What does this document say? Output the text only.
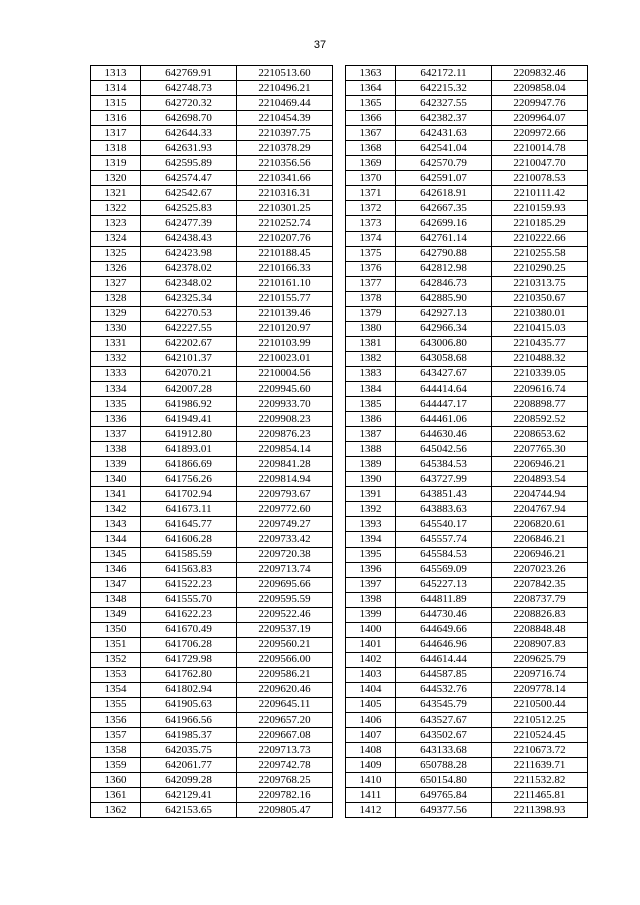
37
1313	642769.91	2210513.60
1314	642748.73	2210496.21
1315	642720.32	2210469.44
1316	642698.70	2210454.39
1317	642644.33	2210397.75
1318	642631.93	2210378.29
1319	642595.89	2210356.56
1320	642574.47	2210341.66
1321	642542.67	2210316.31
1322	642525.83	2210301.25
1323	642477.39	2210252.74
1324	642438.43	2210207.76
1325	642423.98	2210188.45
1326	642378.02	2210166.33
1327	642348.02	2210161.10
1328	642325.34	2210155.77
1329	642270.53	2210139.46
1330	642227.55	2210120.97
1331	642202.67	2210103.99
1332	642101.37	2210023.01
1333	642070.21	2210004.56
1334	642007.28	2209945.60
1335	641986.92	2209933.70
1336	641949.41	2209908.23
1337	641912.80	2209876.23
1338	641893.01	2209854.14
1339	641866.69	2209841.28
1340	641756.26	2209814.94
1341	641702.94	2209793.67
1342	641673.11	2209772.60
1343	641645.77	2209749.27
1344	641606.28	2209733.42
1345	641585.59	2209720.38
1346	641563.83	2209713.74
1347	641522.23	2209695.66
1348	641555.70	2209595.59
1349	641622.23	2209522.46
1350	641670.49	2209537.19
1351	641706.28	2209560.21
1352	641729.98	2209566.00
1353	641762.80	2209586.21
1354	641802.94	2209620.46
1355	641905.63	2209645.11
1356	641966.56	2209657.20
1357	641985.37	2209667.08
1358	642035.75	2209713.73
1359	642061.77	2209742.78
1360	642099.28	2209768.25
1361	642129.41	2209782.16
1362	642153.65	2209805.47
1363	642172.11	2209832.46
1364	642215.32	2209858.04
1365	642327.55	2209947.76
1366	642382.37	2209964.07
1367	642431.63	2209972.66
1368	642541.04	2210014.78
1369	642570.79	2210047.70
1370	642591.07	2210078.53
1371	642618.91	2210111.42
1372	642667.35	2210159.93
1373	642699.16	2210185.29
1374	642761.14	2210222.66
1375	642790.88	2210255.58
1376	642812.98	2210290.25
1377	642846.73	2210313.75
1378	642885.90	2210350.67
1379	642927.13	2210380.01
1380	642966.34	2210415.03
1381	643006.80	2210435.77
1382	643058.68	2210488.32
1383	643427.67	2210339.05
1384	644414.64	2209616.74
1385	644447.17	2208898.77
1386	644461.06	2208592.52
1387	644630.46	2208653.62
1388	645042.56	2207765.30
1389	645384.53	2206946.21
1390	643727.99	2204893.54
1391	643851.43	2204744.94
1392	643883.63	2204767.94
1393	645540.17	2206820.61
1394	645557.74	2206846.21
1395	645584.53	2206946.21
1396	645569.09	2207023.26
1397	645227.13	2207842.35
1398	644811.89	2208737.79
1399	644730.46	2208826.83
1400	644649.66	2208848.48
1401	644646.96	2208907.83
1402	644614.44	2209625.79
1403	644587.85	2209716.74
1404	644532.76	2209778.14
1405	643545.79	2210500.44
1406	643527.67	2210512.25
1407	643502.67	2210524.45
1408	643133.68	2210673.72
1409	650788.28	2211639.71
1410	650154.80	2211532.82
1411	649765.84	2211465.81
1412	649377.56	2211398.93
